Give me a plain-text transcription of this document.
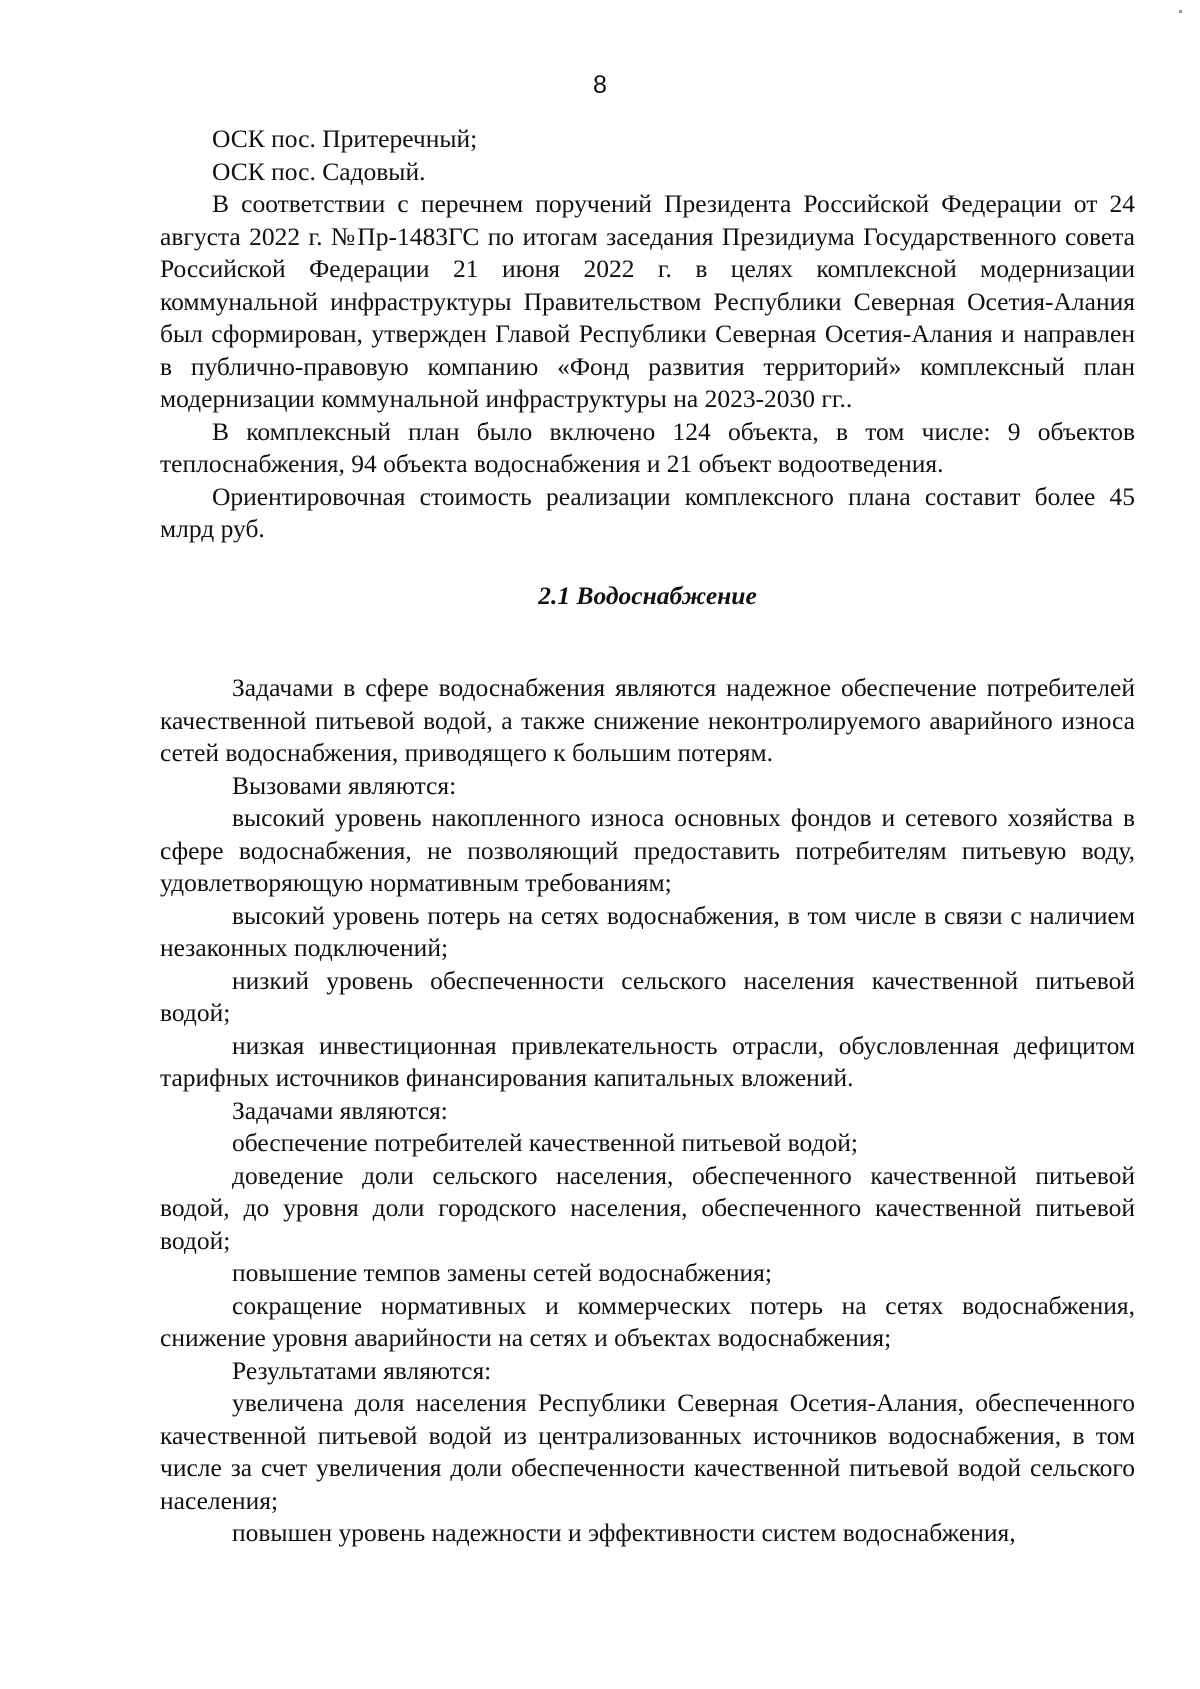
8

ОСК пос. Притеречный;

ОСК пос. Садовый.

В соответствии с перечнем поручений Президента Российской Федерации от 24 августа 2022 г. №Пр-1483ГС по итогам заседания Президиума Государственного совета Российской Федерации 21 июня 2022 г. в целях комплексной модернизации коммунальной инфраструктуры Правительством Республики Северная Осетия-Алания был сформирован, утвержден Главой Республики Северная Осетия-Алания и направлен в публично-правовую компанию «Фонд развития территорий» комплексный план модернизации коммунальной инфраструктуры на 2023-2030 гг..

В комплексный план было включено 124 объекта, в том числе: 9 объектов теплоснабжения, 94 объекта водоснабжения и 21 объект водоотведения.

Ориентировочная стоимость реализации комплексного плана составит более 45 млрд руб.

2.1 Водоснабжение

Задачами в сфере водоснабжения являются надежное обеспечение потребителей качественной питьевой водой, а также снижение неконтролируемого аварийного износа сетей водоснабжения, приводящего к большим потерям.

Вызовами являются:

высокий уровень накопленного износа основных фондов и сетевого хозяйства в сфере водоснабжения, не позволяющий предоставить потребителям питьевую воду, удовлетворяющую нормативным требованиям;

высокий уровень потерь на сетях водоснабжения, в том числе в связи с наличием незаконных подключений;

низкий уровень обеспеченности сельского населения качественной питьевой водой;

низкая инвестиционная привлекательность отрасли, обусловленная дефицитом тарифных источников финансирования капитальных вложений.

Задачами являются:

обеспечение потребителей качественной питьевой водой;

доведение доли сельского населения, обеспеченного качественной питьевой водой, до уровня доли городского населения, обеспеченного качественной питьевой водой;

повышение темпов замены сетей водоснабжения;

сокращение нормативных и коммерческих потерь на сетях водоснабжения, снижение уровня аварийности на сетях и объектах водоснабжения;

Результатами являются:

увеличена доля населения Республики Северная Осетия-Алания, обеспеченного качественной питьевой водой из централизованных источников водоснабжения, в том числе за счет увеличения доли обеспеченности качественной питьевой водой сельского населения;

повышен уровень надежности и эффективности систем водоснабжения,
